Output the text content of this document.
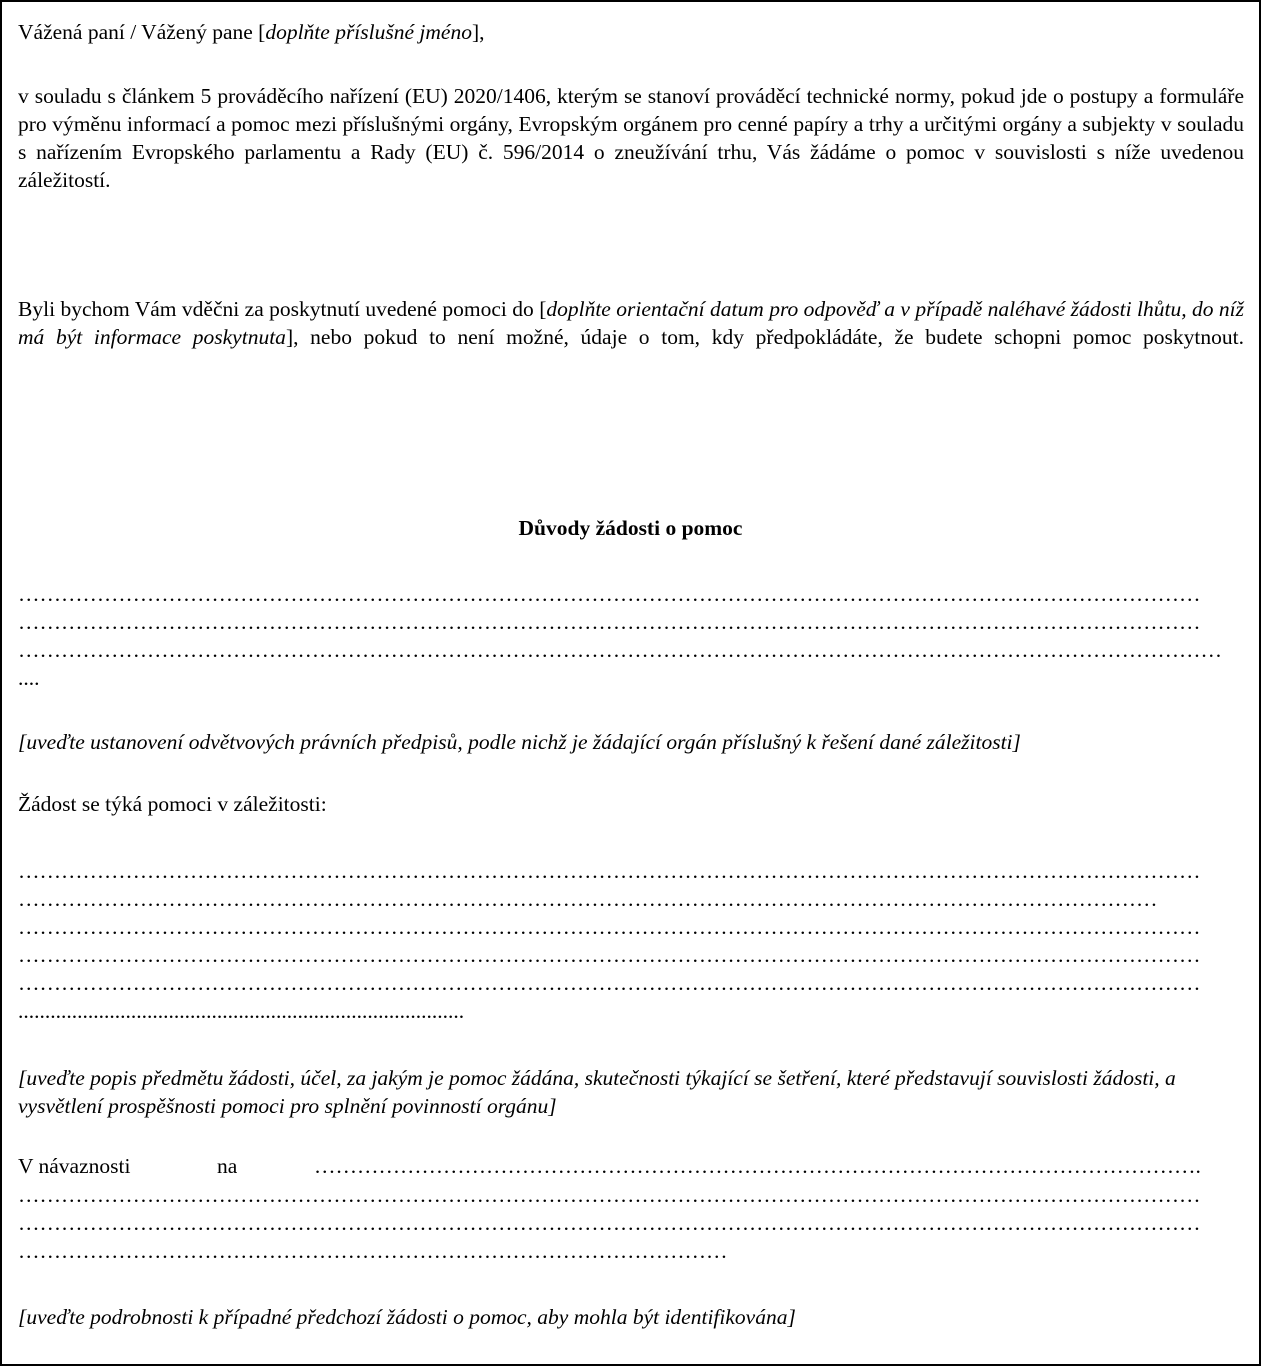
Vážená paní / Vážený pane [doplňte příslušné jméno],

v souladu s článkem 5 prováděcího nařízení (EU) 2020/1406, kterým se stanoví prováděcí technické normy, pokud jde o postupy a formuláře pro výměnu informací a pomoc mezi příslušnými orgány, Evropským orgánem pro cenné papíry a trhy a určitými orgány a subjekty v souladu s nařízením Evropského parlamentu a Rady (EU) č. 596/2014 o zneužívání trhu, Vás žádáme o pomoc v souvislosti s níže uvedenou záležitostí.

Byli bychom Vám vděčni za poskytnutí uvedené pomoci do [doplňte orientační datum pro odpověď a v případě naléhavé žádosti lhůtu, do níž má být informace poskytnuta], nebo pokud to není možné, údaje o tom, kdy předpokládáte, že budete schopni pomoc poskytnout.

Důvody žádosti o pomoc
…………………………………………………………………………………………………………………………………………………
…………………………………………………………………………………………………………………………………………………
……………………………………………………………………………………………………………………………………………………
....

[uveďte ustanovení odvětvových právních předpisů, podle nichž je žádající orgán příslušný k řešení dané záležitosti]

Žádost se týká pomoci v záležitosti:

…………………………………………………………………………………………………………………………………………………
……………………………………………………………………………………………………………………………………………
…………………………………………………………………………………………………………………………………………………
…………………………………………………………………………………………………………………………………………………
…………………………………………………………………………………………………………………………………………………
...................................................................................

[uveďte popis předmětu žádosti, účel, za jakým je pomoc žádána, skutečnosti týkající se šetření, které představují souvislosti žádosti, a vysvětlení prospěšnosti pomoci pro splnění povinností orgánu]

V návaznosti	na	…………………………………………………………………………………………………………….
…………………………………………………………………………………………………………………………………………………
…………………………………………………………………………………………………………………………………………………
………………………………………………………………………………………

[uveďte podrobnosti k případné předchozí žádosti o pomoc, aby mohla být identifikována]
